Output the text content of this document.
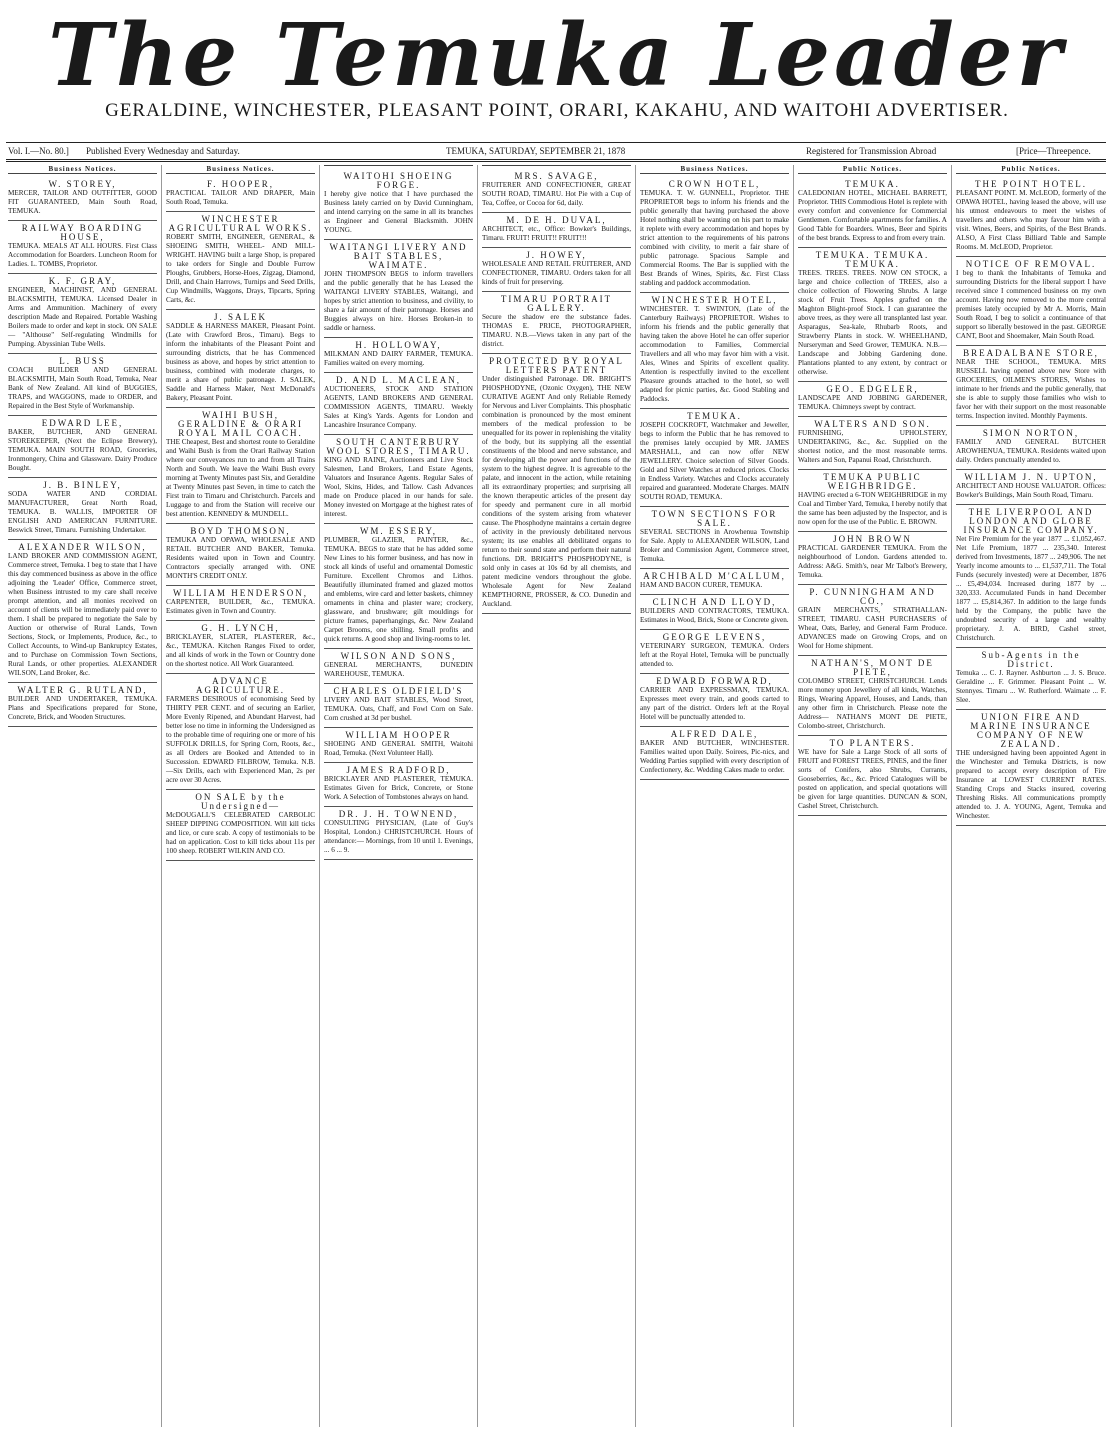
The Temuka Leader
GERALDINE, WINCHESTER, PLEASANT POINT, ORARI, KAKAHU, AND WAITOHI ADVERTISER.
Vol. I.—No. 80.] Published Every Wednesday and Saturday.	TEMUKA, SATURDAY, SEPTEMBER 21, 1878	Registered for Transmission Abroad	[Price—Threepence.
Business Notices.
W. STOREY,
MERCER, TAILOR AND OUTFITTER, GOOD FIT GUARANTEED, Main South Road, TEMUKA.
RAILWAY BOARDING HOUSE,
TEMUKA. MEALS AT ALL HOURS. First Class Accommodation for Boarders. Luncheon Room for Ladies. L. TOMBS, Proprietor.
K. F. GRAY,
ENGINEER, MACHINIST, AND GENERAL BLACKSMITH, TEMUKA. Licensed Dealer in Arms and Ammunition. Machinery of every description Made and Repaired. Portable Washing Boilers made to order and kept in stock. ON SALE— "Althouse" Self-regulating Windmills for Pumping. Abyssinian Tube Wells.
L. BUSS
COACH BUILDER AND GENERAL BLACKSMITH, Main South Road, Temuka, Near Bank of New Zealand. All kind of BUGGIES, TRAPS, and WAGGONS, made to ORDER, and Repaired in the Best Style of Workmanship.
EDWARD LEE,
BAKER, BUTCHER, AND GENERAL STOREKEEPER, (Next the Eclipse Brewery), TEMUKA. MAIN SOUTH ROAD, Groceries, Ironmongery, China and Glassware. Dairy Produce Bought.
J. B. BINLEY,
SODA WATER AND CORDIAL MANUFACTURER, Great North Road, TEMUKA. B. WALLIS, IMPORTER OF ENGLISH AND AMERICAN FURNITURE. Beswick Street, Timaru. Furnishing Undertaker.
ALEXANDER WILSON,
LAND BROKER AND COMMISSION AGENT, Commerce street, Temuka. I beg to state that I have this day commenced business as above in the office adjoining the 'Leader' Office, Commerce street, when Business intrusted to my care shall receive prompt attention, and all monies received on account of clients will be immediately paid over to them. I shall be prepared to negotiate the Sale by Auction or otherwise of Rural Lands, Town Sections, Stock, or Implements, Produce, &c., to Collect Accounts, to Wind-up Bankruptcy Estates, and to Purchase on Commission Town Sections, Rural Lands, or other properties. ALEXANDER WILSON, Land Broker, &c.
WALTER G. RUTLAND,
BUILDER AND UNDERTAKER, TEMUKA. Plans and Specifications prepared for Stone, Concrete, Brick, and Wooden Structures.
Business Notices.
F. HOOPER,
PRACTICAL TAILOR AND DRAPER, Main South Road, Temuka.
WINCHESTER AGRICULTURAL WORKS.
ROBERT SMITH, ENGINEER, GENERAL, & SHOEING SMITH, WHEEL- AND MILL-WRIGHT. HAVING built a large Shop, is prepared to take orders for Single and Double Furrow Ploughs, Grubbers, Horse-Hoes, Zigzag, Diamond, Drill, and Chain Harrows, Turnips and Seed Drills, Cup Windmills, Waggons, Drays, Tipcarts, Spring Carts, &c.
J. SALEK
SADDLE & HARNESS MAKER, Pleasant Point. (Late with Crawford Bros., Timaru). Begs to inform the inhabitants of the Pleasant Point and surrounding districts, that he has Commenced business as above, and hopes by strict attention to business, combined with moderate charges, to merit a share of public patronage. J. SALEK, Saddle and Harness Maker, Next McDonald's Bakery, Pleasant Point.
WAIHI BUSH, GERALDINE & ORARI ROYAL MAIL COACH.
THE Cheapest, Best and shortest route to Geraldine and Waihi Bush is from the Orari Railway Station where our conveyances run to and from all Trains North and South. We leave the Waihi Bush every morning at Twenty Minutes past Six, and Geraldine at Twenty Minutes past Seven, in time to catch the First train to Timaru and Christchurch. Parcels and Luggage to and from the Station will receive our best attention. KENNEDY & MUNDELL.
BOYD THOMSON,
TEMUKA AND OPAWA, WHOLESALE AND RETAIL BUTCHER AND BAKER, Temuka. Residents waited upon in Town and Country. Contractors specially arranged with. ONE MONTH'S CREDIT ONLY.
WILLIAM HENDERSON,
CARPENTER, BUILDER, &c., TEMUKA. Estimates given in Town and Country.
G. H. LYNCH,
BRICKLAYER, SLATER, PLASTERER, &c., &c., TEMUKA. Kitchen Ranges Fixed to order, and all kinds of work in the Town or Country done on the shortest notice. All Work Guaranteed.
ADVANCE AGRICULTURE.
FARMERS DESIROUS of economising Seed by THIRTY PER CENT. and of securing an Earlier, More Evenly Ripened, and Abundant Harvest, had better lose no time in informing the Undersigned as to the probable time of requiring one or more of his SUFFOLK DRILLS, for Spring Corn, Roots, &c., as all Orders are Booked and Attended to in Succession. EDWARD FILBROW, Temuka. N.B.—Six Drills, each with Experienced Man, 2s per acre over 30 Acres.
ON SALE by the Undersigned—
McDOUGALL'S CELEBRATED CARBOLIC SHEEP DIPPING COMPOSITION. Will kill ticks and lice, or cure scab. A copy of testimonials to be had on application. Cost to kill ticks about 11s per 100 sheep. ROBERT WILKIN AND CO.
WAITOHI SHOEING FORGE.
I hereby give notice that I have purchased the Business lately carried on by David Cunningham, and intend carrying on the same in all its branches as Engineer and General Blacksmith. JOHN YOUNG.
WAITANGI LIVERY AND BAIT STABLES, WAIMATE.
JOHN THOMPSON BEGS to inform travellers and the public generally that he has Leased the WAITANGI LIVERY STABLES, Waitangi, and hopes by strict attention to business, and civility, to share a fair amount of their patronage. Horses and Buggies always on hire. Horses Broken-in to saddle or harness.
H. HOLLOWAY,
MILKMAN AND DAIRY FARMER, TEMUKA. Families waited on every morning.
D. AND L. MACLEAN,
AUCTIONEERS, STOCK AND STATION AGENTS, LAND BROKERS AND GENERAL COMMISSION AGENTS, TIMARU. Weekly Sales at King's Yards. Agents for London and Lancashire Insurance Company.
SOUTH CANTERBURY WOOL STORES, TIMARU.
KING AND RAINE, Auctioneers and Live Stock Salesmen, Land Brokers, Land Estate Agents, Valuators and Insurance Agents. Regular Sales of Wool, Skins, Hides, and Tallow. Cash Advances made on Produce placed in our hands for sale. Money invested on Mortgage at the highest rates of interest.
WM. ESSERY,
PLUMBER, GLAZIER, PAINTER, &c., TEMUKA. BEGS to state that he has added some New Lines to his former business, and has now in stock all kinds of useful and ornamental Domestic Furniture. Excellent Chromos and Lithos. Beautifully illuminated framed and glazed mottos and emblems, wire card and letter baskets, chimney ornaments in china and plaster ware; crockery, glassware, and brushware; gilt mouldings for picture frames, paperhangings, &c. New Zealand Carpet Brooms, one shilling. Small profits and quick returns. A good shop and living-rooms to let.
WILSON AND SONS,
GENERAL MERCHANTS, DUNEDIN WAREHOUSE, TEMUKA.
CHARLES OLDFIELD'S
LIVERY AND BAIT STABLES, Wood Street, TEMUKA. Oats, Chaff, and Fowl Corn on Sale. Corn crushed at 3d per bushel.
WILLIAM HOOPER
SHOEING AND GENERAL SMITH, Waitohi Road, Temuka. (Next Volunteer Hall).
JAMES RADFORD,
BRICKLAYER AND PLASTERER, TEMUKA. Estimates Given for Brick, Concrete, or Stone Work. A Selection of Tombstones always on hand.
DR. J. H. TOWNEND,
CONSULTING PHYSICIAN, (Late of Guy's Hospital, London.) CHRISTCHURCH. Hours of attendance:— Mornings, from 10 until 1. Evenings, ... 6 ... 9.
MRS. SAVAGE,
FRUITERER AND CONFECTIONER, GREAT SOUTH ROAD, TIMARU. Hot Pie with a Cup of Tea, Coffee, or Cocoa for 6d, daily.
M. DE H. DUVAL,
ARCHITECT, etc., Office: Bowker's Buildings, Timaru. FRUIT! FRUIT!! FRUIT!!!
J. HOWEY,
WHOLESALE AND RETAIL FRUITERER, AND CONFECTIONER, TIMARU. Orders taken for all kinds of fruit for preserving.
TIMARU PORTRAIT GALLERY.
Secure the shadow ere the substance fades. THOMAS E. PRICE, PHOTOGRAPHER, TIMARU. N.B.—Views taken in any part of the district.
PROTECTED BY ROYAL LETTERS PATENT
Under distinguished Patronage. DR. BRIGHT'S PHOSPHODYNE, (Ozonic Oxygen), THE NEW CURATIVE AGENT And only Reliable Remedy for Nervous and Liver Complaints. This phosphatic combination is pronounced by the most eminent members of the medical profession to be unequalled for its power in replenishing the vitality of the body, but its supplying all the essential constituents of the blood and nerve substance, and for developing all the power and functions of the system to the highest degree. It is agreeable to the palate, and innocent in the action, while retaining all its extraordinary properties; and surprising all the known therapeutic articles of the present day for speedy and permanent cure in all morbid conditions of the system arising from whatever cause. The Phosphodyne maintains a certain degree of activity in the previously debilitated nervous system; its use enables all debilitated organs to return to their sound state and perform their natural functions. DR. BRIGHT'S PHOSPHODYNE, is sold only in cases at 10s 6d by all chemists, and patent medicine vendors throughout the globe. Wholesale Agent for New Zealand KEMPTHORNE, PROSSER, & CO. Dunedin and Auckland.
Business Notices.
CROWN HOTEL,
TEMUKA. T. W. GUNNELL, Proprietor. THE PROPRIETOR begs to inform his friends and the public generally that having purchased the above Hotel nothing shall be wanting on his part to make it replete with every accommodation and hopes by strict attention to the requirements of his patrons combined with civility, to merit a fair share of public patronage. Spacious Sample and Commercial Rooms. The Bar is supplied with the Best Brands of Wines, Spirits, &c. First Class stabling and paddock accommodation.
WINCHESTER HOTEL,
WINCHESTER. T. SWINTON, (Late of the Canterbury Railways) PROPRIETOR. Wishes to inform his friends and the public generally that having taken the above Hotel he can offer superior accommodation to Families, Commercial Travellers and all who may favor him with a visit. Ales, Wines and Spirits of excellent quality. Attention is respectfully invited to the excellent Pleasure grounds attached to the hotel, so well adapted for picnic parties, &c. Good Stabling and Paddocks.
TEMUKA.
JOSEPH COCKROFT, Watchmaker and Jeweller, begs to inform the Public that he has removed to the premises lately occupied by MR. JAMES MARSHALL, and can now offer NEW JEWELLERY. Choice selection of Silver Goods. Gold and Silver Watches at reduced prices. Clocks in Endless Variety. Watches and Clocks accurately repaired and guaranteed. Moderate Charges. MAIN SOUTH ROAD, TEMUKA.
TOWN SECTIONS FOR SALE.
SEVERAL SECTIONS in Arowhenua Township for Sale. Apply to ALEXANDER WILSON, Land Broker and Commission Agent, Commerce street, Temuka.
ARCHIBALD M'CALLUM,
HAM AND BACON CURER, TEMUKA.
CLINCH AND LLOYD,
BUILDERS AND CONTRACTORS, TEMUKA. Estimates in Wood, Brick, Stone or Concrete given.
GEORGE LEVENS,
VETERINARY SURGEON, TEMUKA. Orders left at the Royal Hotel, Temuka will be punctually attended to.
EDWARD FORWARD,
CARRIER AND EXPRESSMAN, TEMUKA. Expresses meet every train, and goods carted to any part of the district. Orders left at the Royal Hotel will be punctually attended to.
ALFRED DALE,
BAKER AND BUTCHER, WINCHESTER. Families waited upon Daily. Soirees, Pic-nics, and Wedding Parties supplied with every description of Confectionery, &c. Wedding Cakes made to order.
Public Notices.
TEMUKA.
CALEDONIAN HOTEL, MICHAEL BARRETT, Proprietor. THIS Commodious Hotel is replete with every comfort and convenience for Commercial Gentlemen. Comfortable apartments for families. A Good Table for Boarders. Wines, Beer and Spirits of the best brands. Express to and from every train.
TEMUKA. TEMUKA. TEMUKA.
TREES. TREES. TREES. NOW ON STOCK, a large and choice collection of TREES, also a choice collection of Flowering Shrubs. A large stock of Fruit Trees. Apples grafted on the Maghton Blight-proof Stock. I can guarantee the above trees, as they were all transplanted last year. Asparagus, Sea-kale, Rhubarb Roots, and Strawberry Plants in stock. W. WHEELHAND, Nurseryman and Seed Grower, TEMUKA. N.B.—Landscape and Jobbing Gardening done. Plantations planted to any extent, by contract or otherwise.
GEO. EDGELER,
LANDSCAPE AND JOBBING GARDENER, TEMUKA. Chimneys swept by contract.
WALTERS AND SON.
FURNISHING, UPHOLSTERY, UNDERTAKING, &c., &c. Supplied on the shortest notice, and the most reasonable terms. Walters and Son, Papanui Road, Christchurch.
TEMUKA PUBLIC WEIGHBRIDGE.
HAVING erected a 6-TON WEIGHBRIDGE in my Coal and Timber Yard, Temuka, I hereby notify that the same has been adjusted by the Inspector, and is now open for the use of the Public. E. BROWN.
JOHN BROWN
PRACTICAL GARDENER TEMUKA. From the neighbourhood of London. Gardens attended to. Address: A&G. Smith's, near Mr Talbot's Brewery, Temuka.
P. CUNNINGHAM AND CO.,
GRAIN MERCHANTS, STRATHALLAN-STREET, TIMARU. CASH PURCHASERS of Wheat, Oats, Barley, and General Farm Produce. ADVANCES made on Growing Crops, and on Wool for Home shipment.
NATHAN'S, MONT DE PIETE,
COLOMBO STREET, CHRISTCHURCH. Lends more money upon Jewellery of all kinds, Watches, Rings, Wearing Apparel, Houses, and Lands, than any other firm in Christchurch. Please note the Address— NATHAN'S MONT DE PIETE, Colombo-street, Christchurch.
TO PLANTERS.
WE have for Sale a Large Stock of all sorts of FRUIT and FOREST TREES, PINES, and the finer sorts of Conifers, also Shrubs, Currants, Gooseberries, &c., &c. Priced Catalogues will be posted on application, and special quotations will be given for large quantities. DUNCAN & SON, Cashel Street, Christchurch.
Public Notices.
THE POINT HOTEL.
PLEASANT POINT. M. McLEOD, formerly of the OPAWA HOTEL, having leased the above, will use his utmost endeavours to meet the wishes of travellers and others who may favour him with a visit. Wines, Beers, and Spirits, of the Best Brands. ALSO, A First Class Billiard Table and Sample Rooms. M. McLEOD, Proprietor.
NOTICE OF REMOVAL.
I beg to thank the Inhabitants of Temuka and surrounding Districts for the liberal support I have received since I commenced business on my own account. Having now removed to the more central premises lately occupied by Mr A. Morris, Main South Road, I beg to solicit a continuance of that support so liberally bestowed in the past. GEORGE CANT, Boot and Shoemaker, Main South Road.
BREADALBANE STORE,
NEAR THE SCHOOL, TEMUKA. MRS RUSSELL having opened above new Store with GROCERIES, OILMEN'S STORES, Wishes to intimate to her friends and the public generally, that she is able to supply those families who wish to favor her with their support on the most reasonable terms. Inspection invited. Monthly Payments.
SIMON NORTON,
FAMILY AND GENERAL BUTCHER AROWHENUA, TEMUKA. Residents waited upon daily. Orders punctually attended to.
WILLIAM J. N. UPTON,
ARCHITECT AND HOUSE VALUATOR. Offices: Bowker's Buildings, Main South Road, Timaru.
THE LIVERPOOL AND LONDON AND GLOBE INSURANCE COMPANY.
Net Fire Premium for the year 1877 ... £1,052,467. Net Life Premium, 1877 ... 235,340. Interest derived from Investments, 1877 ... 249,906. The net Yearly income amounts to ... £1,537,711. The Total Funds (securely invested) were at December, 1876 ... £5,494,034. Increased during 1877 by ... 320,333. Accumulated Funds in hand December 1877 ... £5,814,367. In addition to the large funds held by the Company, the public have the undoubted security of a large and wealthy proprietary. J. A. BIRD, Cashel street, Christchurch.
Sub-Agents in the District.
Temuka ... C. J. Rayner. Ashburton ... J. S. Bruce. Geraldine ... F. Grimmer. Pleasant Point ... W. Stennyes. Timaru ... W. Rutherford. Waimate ... F. Slee.
UNION FIRE AND MARINE INSURANCE COMPANY OF NEW ZEALAND.
THE undersigned having been appointed Agent in the Winchester and Temuka Districts, is now prepared to accept every description of Fire Insurance at LOWEST CURRENT RATES. Standing Crops and Stacks insured, covering Threshing Risks. All communications promptly attended to. J. A. YOUNG, Agent, Temuka and Winchester.
